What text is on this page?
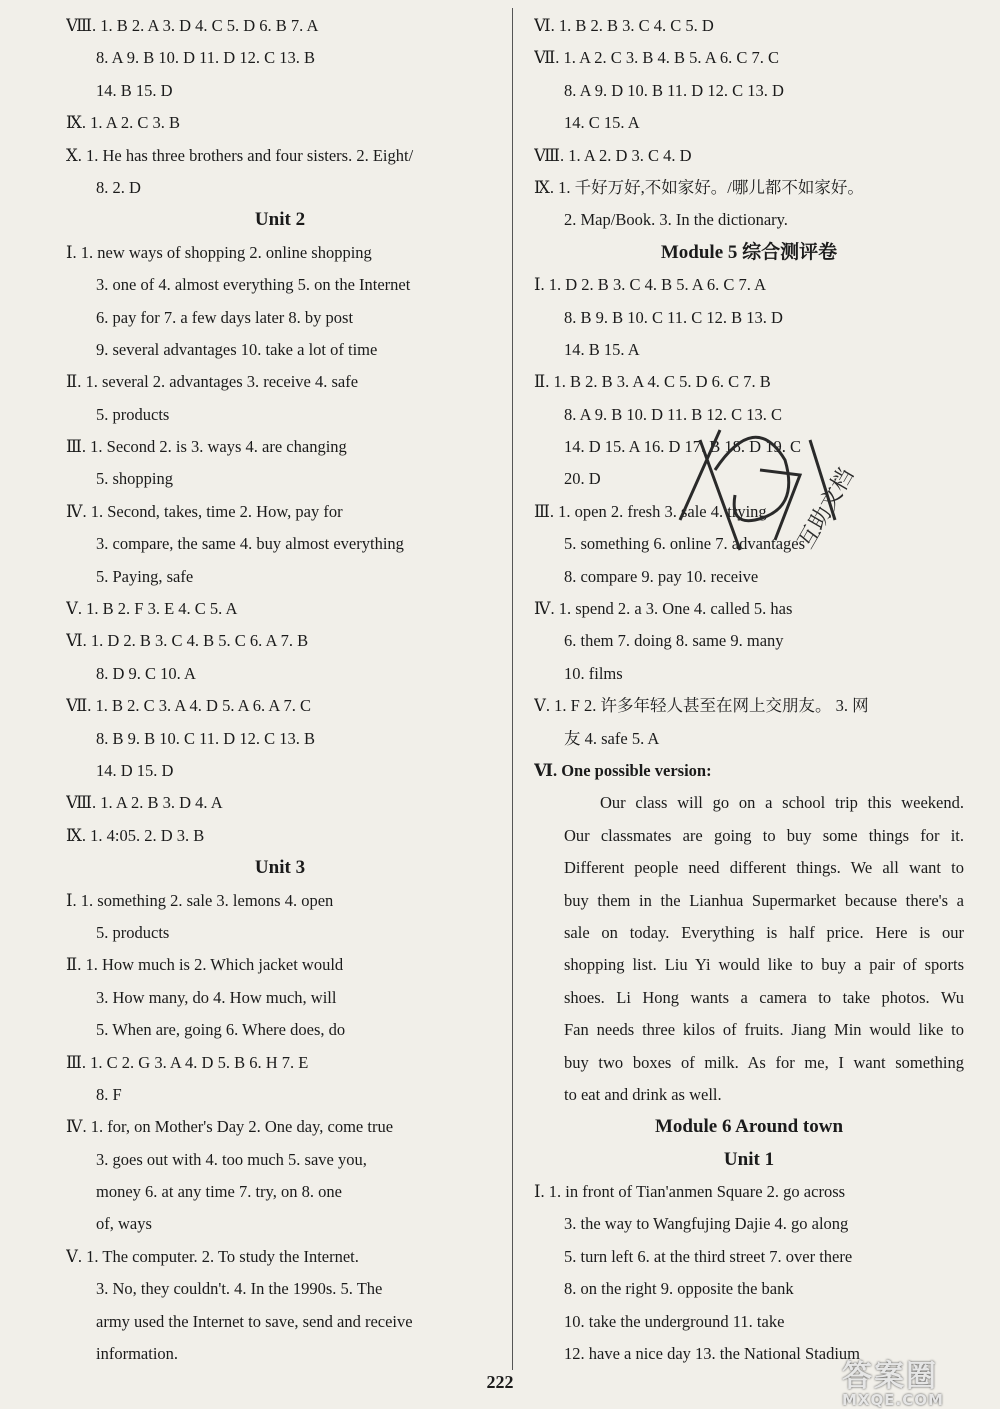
Ⅷ. 1. B 2. A 3. D 4. C 5. D 6. B 7. A
8. A 9. B 10. D 11. D 12. C 13. B
14. B 15. D
Ⅸ. 1. A 2. C 3. B
Ⅹ. 1. He has three brothers and four sisters. 2. Eight/
8. 2. D
Unit 2
Ⅰ. 1. new ways of shopping 2. online shopping
3. one of 4. almost everything 5. on the Internet
6. pay for 7. a few days later 8. by post
9. several advantages 10. take a lot of time
Ⅱ. 1. several 2. advantages 3. receive 4. safe
5. products
Ⅲ. 1. Second 2. is 3. ways 4. are changing
5. shopping
Ⅳ. 1. Second, takes, time 2. How, pay for
3. compare, the same 4. buy almost everything
5. Paying, safe
Ⅴ. 1. B 2. F 3. E 4. C 5. A
Ⅵ. 1. D 2. B 3. C 4. B 5. C 6. A 7. B
8. D 9. C 10. A
Ⅶ. 1. B 2. C 3. A 4. D 5. A 6. A 7. C
8. B 9. B 10. C 11. D 12. C 13. B
14. D 15. D
Ⅷ. 1. A 2. B 3. D 4. A
Ⅸ. 1. 4:05. 2. D 3. B
Unit 3
Ⅰ. 1. something 2. sale 3. lemons 4. open
5. products
Ⅱ. 1. How much is 2. Which jacket would
3. How many, do 4. How much, will
5. When are, going 6. Where does, do
Ⅲ. 1. C 2. G 3. A 4. D 5. B 6. H 7. E
8. F
Ⅳ. 1. for, on Mother's Day 2. One day, come true
3. goes out with 4. too much 5. save you,
money 6. at any time 7. try, on 8. one
of, ways
Ⅴ. 1. The computer. 2. To study the Internet.
3. No, they couldn't. 4. In the 1990s. 5. The
army used the Internet to save, send and receive
information.
Ⅵ. 1. B 2. B 3. C 4. C 5. D
Ⅶ. 1. A 2. C 3. B 4. B 5. A 6. C 7. C
8. A 9. D 10. B 11. D 12. C 13. D
14. C 15. A
Ⅷ. 1. A 2. D 3. C 4. D
Ⅸ. 1. 千好万好,不如家好。/哪儿都不如家好。
2. Map/Book. 3. In the dictionary.
Module 5 综合测评卷
Ⅰ. 1. D 2. B 3. C 4. B 5. A 6. C 7. A
8. B 9. B 10. C 11. C 12. B 13. D
14. B 15. A
Ⅱ. 1. B 2. B 3. A 4. C 5. D 6. C 7. B
8. A 9. B 10. D 11. B 12. C 13. C
14. D 15. A 16. D 17. B 18. D 19. C
20. D
Ⅲ. 1. open 2. fresh 3. sale 4. trying
5. something 6. online 7. advantages
8. compare 9. pay 10. receive
Ⅳ. 1. spend 2. a 3. One 4. called 5. has
6. them 7. doing 8. same 9. many
10. films
Ⅴ. 1. F 2. 许多年轻人甚至在网上交朋友。 3. 网
友 4. safe 5. A
Ⅵ. One possible version:
Our class will go on a school trip this weekend.
Our classmates are going to buy some things for it.
Different people need different things. We all want to
buy them in the Lianhua Supermarket because there's a
sale on today. Everything is half price. Here is our
shopping list. Liu Yi would like to buy a pair of sports
shoes. Li Hong wants a camera to take photos. Wu
Fan needs three kilos of fruits. Jiang Min would like to
buy two boxes of milk. As for me, I want something
to eat and drink as well.
Module 6 Around town
Unit 1
Ⅰ. 1. in front of Tian'anmen Square 2. go across
3. the way to Wangfujing Dajie 4. go along
5. turn left 6. at the third street 7. over there
8. on the right 9. opposite the bank
10. take the underground 11. take
12. have a nice day 13. the National Stadium
互助文档
222	答案圈
MXQE.COM
